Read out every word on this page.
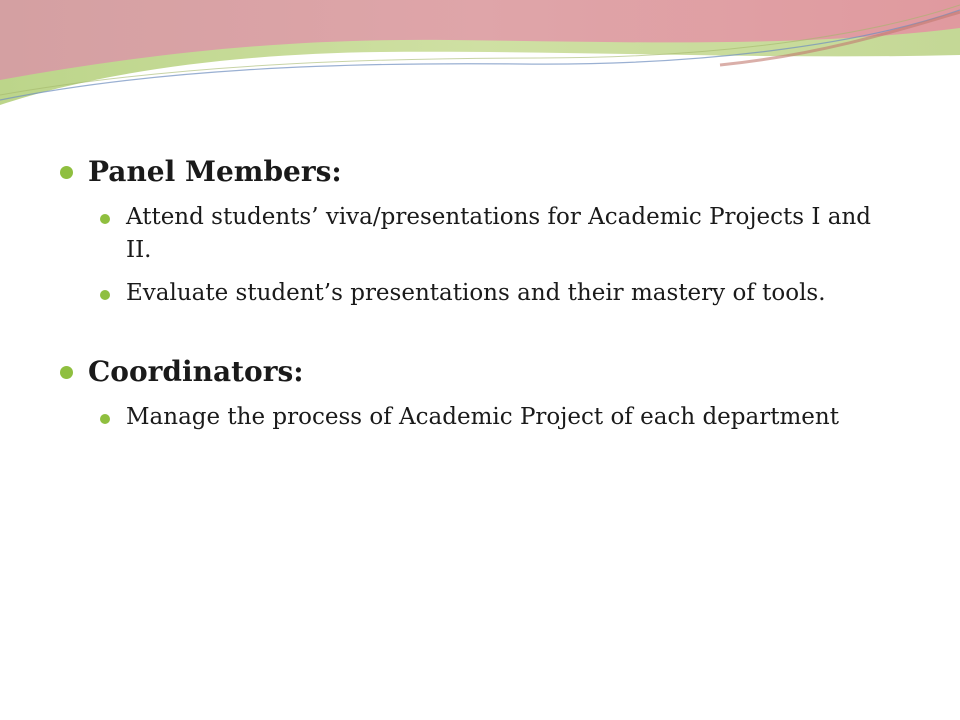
Panel Members:
Attend students’ viva/presentations for Academic Projects I and II.
Evaluate student’s presentations and their mastery of tools.
Coordinators:
Manage the process of Academic Project of each department
